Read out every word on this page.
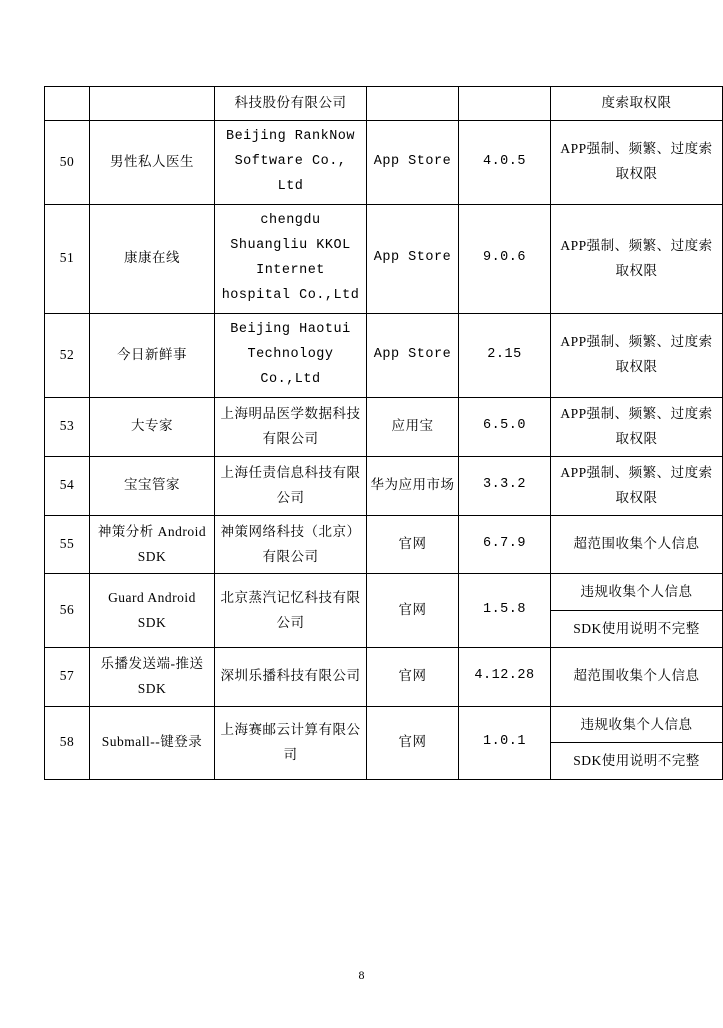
		科技股份有限公司			度索取权限
50	男性私人医生	Beijing RankNow Software Co., Ltd	App Store	4.0.5	APP强制、频繁、过度索取权限
51	康康在线	chengdu Shuangliu KKOL Internet hospital Co.,Ltd	App Store	9.0.6	APP强制、频繁、过度索取权限
52	今日新鲜事	Beijing Haotui Technology Co.,Ltd	App Store	2.15	APP强制、频繁、过度索取权限
53	大专家	上海明品医学数据科技有限公司	应用宝	6.5.0	APP强制、频繁、过度索取权限
54	宝宝管家	上海任责信息科技有限公司	华为应用市场	3.3.2	APP强制、频繁、过度索取权限
55	神策分析 Android SDK	神策网络科技（北京）有限公司	官网	6.7.9	超范围收集个人信息
56	Guard Android SDK	北京蒸汽记忆科技有限公司	官网	1.5.8	违规收集个人信息
SDK使用说明不完整

57	乐播发送端-推送 SDK	深圳乐播科技有限公司	官网	4.12.28	超范围收集个人信息
58	Submall--键登录	上海赛邮云计算有限公司	官网	1.0.1	违规收集个人信息
SDK使用说明不完整
8
